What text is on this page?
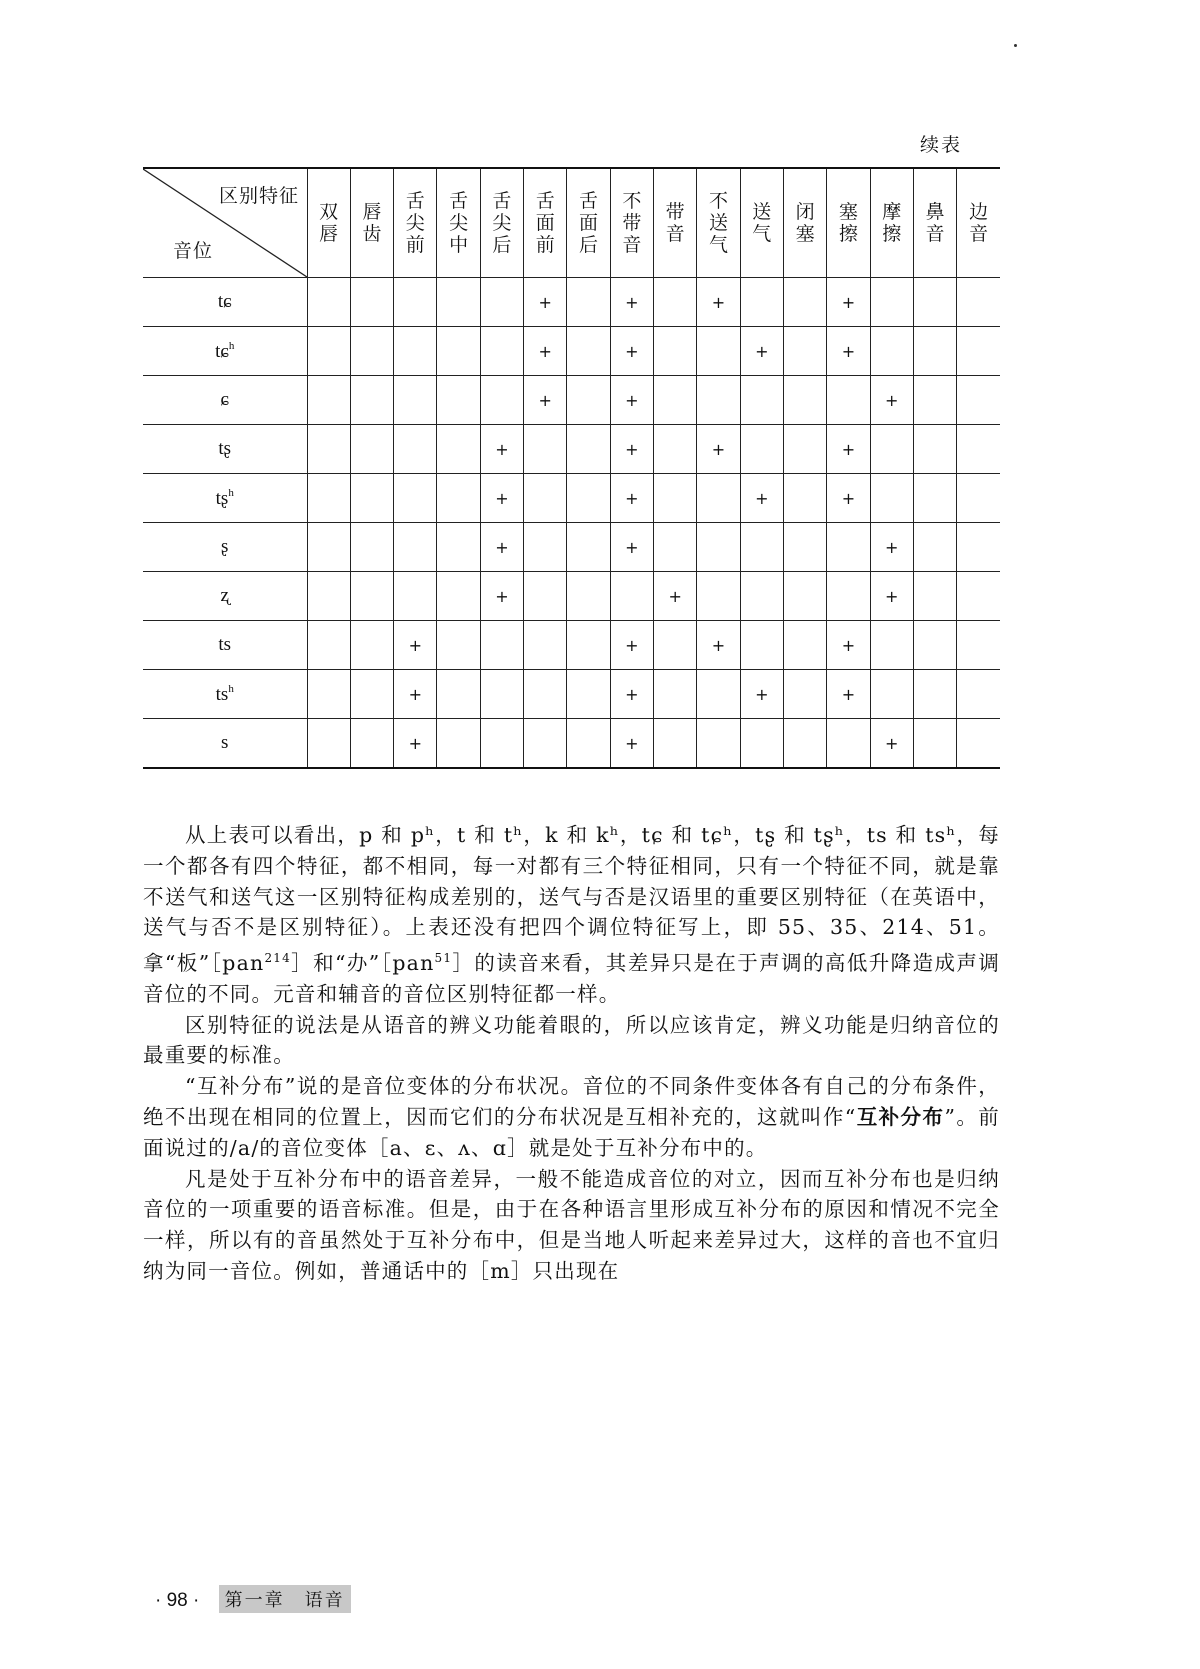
续表
区别特征
音位	双唇	唇齿	舌尖前	舌尖中	舌尖后	舌面前	舌面后	不带音	带音	不送气	送气	闭塞	塞擦	摩擦	鼻音	边音
tɕ						+		+		+			+			
tɕ$^h$						+		+			+		+			
ɕ						+		+						+		
tʂ					+			+		+			+			
tʂ$^h$					+			+			+		+			
ʂ					+			+						+		
ʐ					+				+					+		
ts			+					+		+			+			
$ts^h$			+					+			+		+			
s			+					+						+		

从上表可以看出，p 和 pʰ，t 和 tʰ，k 和 kʰ，tɕ 和 tɕʰ，tʂ 和 tʂʰ，ts 和 tsʰ，每一个都各有四个特征，都不相同，每一对都有三个特征相同，只有一个特征不同，就是靠不送气和送气这一区别特征构成差别的，送气与否是汉语里的重要区别特征（在英语中，送气与否不是区别特征）。上表还没有把四个调位特征写上，即 55、35、214、51。拿“板”［pan$^{214}$］和“办”［pan$^{51}$］的读音来看，其差异只是在于声调的高低升降造成声调音位的不同。元音和辅音的音位区别特征都一样。

区别特征的说法是从语音的辨义功能着眼的，所以应该肯定，辨义功能是归纳音位的最重要的标准。

“互补分布”说的是音位变体的分布状况。音位的不同条件变体各有自己的分布条件，绝不出现在相同的位置上，因而它们的分布状况是互相补充的，这就叫作“互补分布”。前面说过的/a/的音位变体［a、ɛ、ʌ、ɑ］就是处于互补分布中的。

凡是处于互补分布中的语音差异，一般不能造成音位的对立，因而互补分布也是归纳音位的一项重要的语音标准。但是，由于在各种语言里形成互补分布的原因和情况不完全一样，所以有的音虽然处于互补分布中，但是当地人听起来差异过大，这样的音也不宜归纳为同一音位。例如，普通话中的［m］只出现在

· 98 · 第一章　语音
